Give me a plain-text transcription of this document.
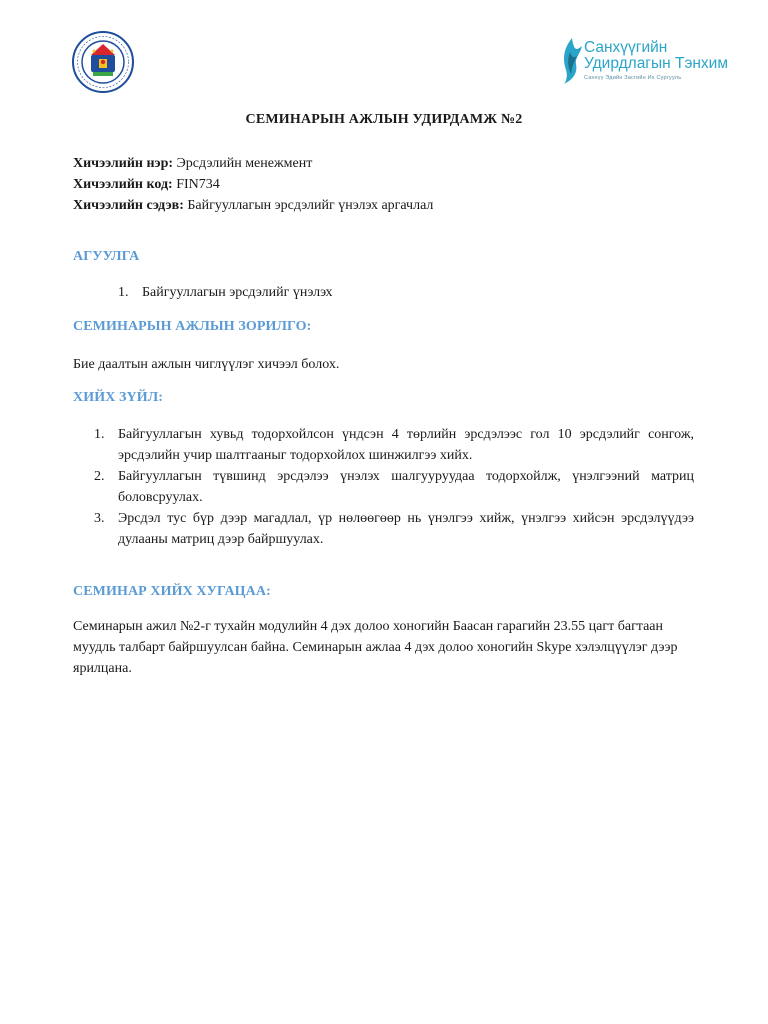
Санхүүгийн
Удирдлагын Тэнхим
Санхүү Эдийн Засгийн Их Сургууль
СЕМИНАРЫН АЖЛЫН УДИРДАМЖ №2
Хичээлийн нэр: Эрсдэлийн менежмент
Хичээлийн код: FIN734
Хичээлийн сэдэв: Байгууллагын эрсдэлийг үнэлэх аргачлал
АГУУЛГА
1. Байгууллагын эрсдэлийг үнэлэх
СЕМИНАРЫН АЖЛЫН ЗОРИЛГО:
Бие даалтын ажлын чиглүүлэг хичээл болох.
ХИЙХ ЗҮЙЛ:
1. Байгууллагын хувьд тодорхойлсон үндсэн 4 төрлийн эрсдэлээс гол 10 эрсдэлийг сонгож, эрсдэлийн учир шалтгааныг тодорхойлох шинжилгээ хийх.
2. Байгууллагын түвшинд эрсдэлээ үнэлэх шалгууруудаа тодорхойлж, үнэлгээний матриц боловсруулах.
3. Эрсдэл тус бүр дээр магадлал, үр нөлөөгөөр нь үнэлгээ хийж, үнэлгээ хийсэн эрсдэлүүдээ дулааны матриц дээр байршуулах.
СЕМИНАР ХИЙХ ХУГАЦАА:
Семинарын ажил №2-г тухайн модулийн 4 дэх долоо хоногийн Баасан гарагийн 23.55 цагт багтаан муудль талбарт байршуулсан байна. Семинарын ажлаа 4 дэх долоо хоногийн Skype хэлэлцүүлэг дээр ярилцана.
